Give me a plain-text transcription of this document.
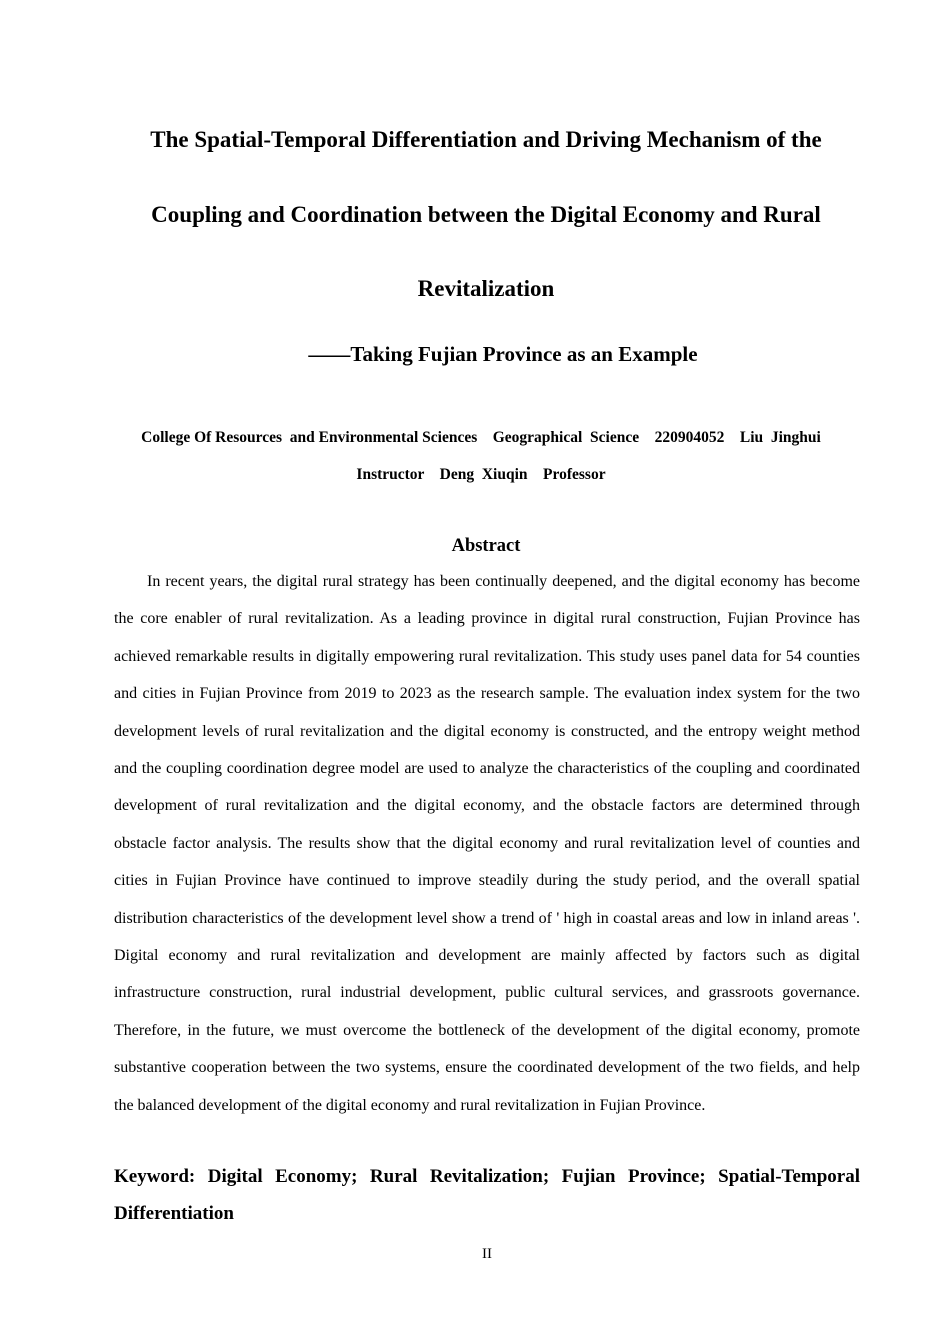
The Spatial-Temporal Differentiation and Driving Mechanism of the
Coupling and Coordination between the Digital Economy and Rural
Revitalization
——Taking Fujian Province as an Example

College Of Resources  and Environmental Sciences    Geographical  Science    220904052    Liu  Jinghui

Instructor    Deng  Xiuqin    Professor

Abstract

In recent years, the digital rural strategy has been continually deepened, and the digital economy has become the core enabler of rural revitalization. As a leading province in digital rural construction, Fujian Province has achieved remarkable results in digitally empowering rural revitalization. This study uses panel data for 54 counties and cities in Fujian Province from 2019 to 2023 as the research sample. The evaluation index system for the two development levels of rural revitalization and the digital economy is constructed, and the entropy weight method and the coupling coordination degree model are used to analyze the characteristics of the coupling and coordinated development of rural revitalization and the digital economy, and the obstacle factors are determined through obstacle factor analysis. The results show that the digital economy and rural revitalization level of counties and cities in Fujian Province have continued to improve steadily during the study period, and the overall spatial distribution characteristics of the development level show a trend of ' high in coastal areas and low in inland areas '. Digital economy and rural revitalization and development are mainly affected by factors such as digital infrastructure construction, rural industrial development, public cultural services, and grassroots governance. Therefore, in the future, we must overcome the bottleneck of the development of the digital economy, promote substantive cooperation between the two systems, ensure the coordinated development of the two fields, and help the balanced development of the digital economy and rural revitalization in Fujian Province.

Keyword: Digital Economy; Rural Revitalization; Fujian Province; Spatial-Temporal Differentiation

II
